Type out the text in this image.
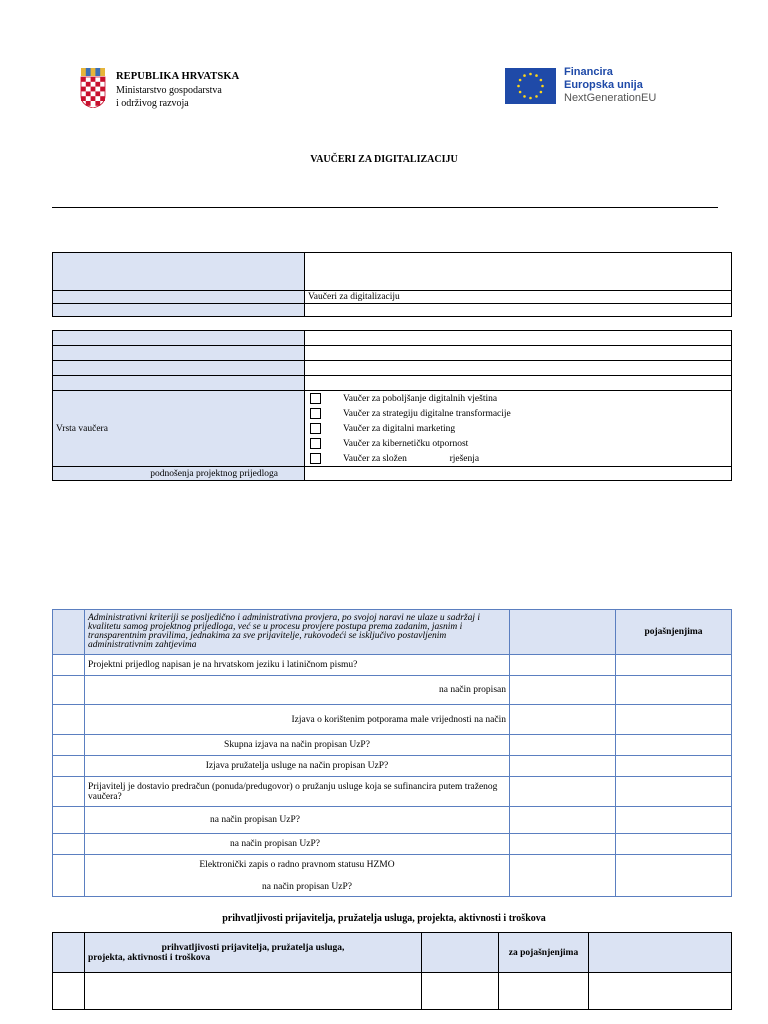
REPUBLIKA HRVATSKA
Ministarstvo gospodarstva
i održivog razvoja
Financira
Europska unija
NextGenerationEU
VAUČERI ZA DIGITALIZACIJU

	Vaučeri za digitalizaciju

Vrsta vaučera	Vaučer za poboljšanje digitalnih vještina
Vaučer za strategiju digitalne transformacije
Vaučer za digitalni marketing
Vaučer za kibernetičku otpornost
Vaučer za složen                  rješenja

podnošenja projektnog prijedloga	
	Administrativni kriteriji se posljedično i administrativna provjera, po svojoj naravi ne ulaze u sadržaj i kvalitetu samog projektnog prijedloga, već se u procesu provjere postupa prema zadanim, jasnim i transparentnim pravilima, jednakima za sve prijavitelje, rukovodeći se isključivo postavljenim administrativnim zahtjevima		pojašnjenjima
	Projektni prijedlog napisan je na hrvatskom jeziku i latiničnom pismu?		
	na način propisan		
	Izjava o korištenim potporama male vrijednosti na način		
	Skupna izjava na način propisan UzP?		
	Izjava pružatelja usluge na način propisan UzP?		
	Prijavitelj je dostavio predračun (ponuda/predugovor) o pružanju usluge koja se sufinancira putem traženog vaučera?		
	na način propisan UzP?		
	na način propisan UzP?		

	Elektronički zapis o radno pravnom statusu HZMO
na način propisan UzP?		

prihvatljivosti prijavitelja, pružatelja usluga, projekta, aktivnosti i troškova

	prihvatljivosti prijavitelja, pružatelja usluga,
projekta, aktivnosti i troškova		za pojašnjenjima	
